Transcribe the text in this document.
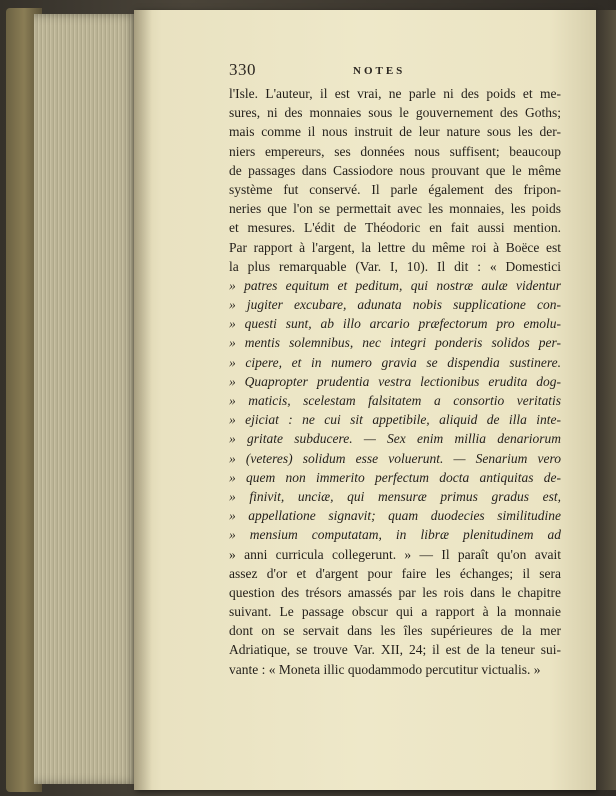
330	NOTES
l'Isle. L'auteur, il est vrai, ne parle ni des poids et me-
sures, ni des monnaies sous le gouvernement des Goths;
mais comme il nous instruit de leur nature sous les der-
niers empereurs, ses données nous suffisent; beaucoup
de passages dans Cassiodore nous prouvant que le même
système fut conservé. Il parle également des fripon-
neries que l'on se permettait avec les monnaies, les poids
et mesures. L'édit de Théodoric en fait aussi mention.
Par rapport à l'argent, la lettre du même roi à Boëce est
la plus remarquable (Var. I, 10). Il dit : « Domestici
» patres equitum et peditum, qui nostræ aulæ videntur
» jugiter excubare, adunata nobis supplicatione con-
» questi sunt, ab illo arcario præfectorum pro emolu-
» mentis solemnibus, nec integri ponderis solidos per-
» cipere, et in numero gravia se dispendia sustinere.
» Quapropter prudentia vestra lectionibus erudita dog-
» maticis, scelestam falsitatem a consortio veritatis
» ejiciat : ne cui sit appetibile, aliquid de illa inte-
» gritate subducere. — Sex enim millia denariorum
» (veteres) solidum esse voluerunt. — Senarium vero
» quem non immerito perfectum docta antiquitas de-
» finivit, unciæ, qui mensuræ primus gradus est,
» appellatione signavit; quam duodecies similitudine
» mensium computatam, in libræ plenitudinem ad
» anni curricula collegerunt. » — Il paraît qu'on avait
assez d'or et d'argent pour faire les échanges; il sera
question des trésors amassés par les rois dans le chapitre
suivant. Le passage obscur qui a rapport à la monnaie
dont on se servait dans les îles supérieures de la mer
Adriatique, se trouve Var. XII, 24; il est de la teneur sui-
vante : « Moneta illic quodammodo percutitur victualis. »
